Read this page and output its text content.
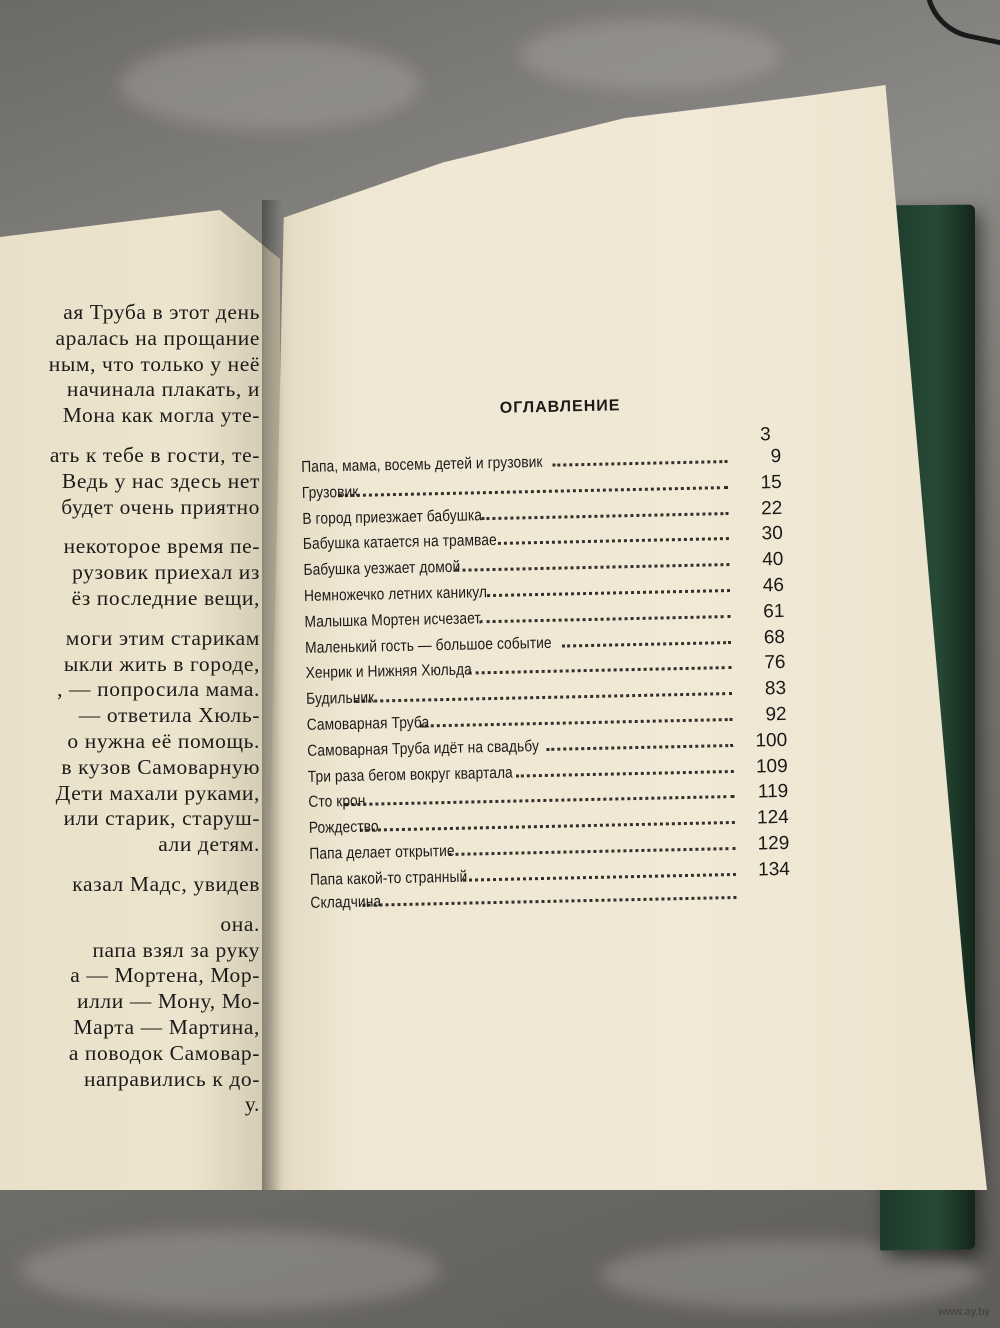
ая Труба в этот день

аралась на прощание

ным, что только у неё

начинала плакать, и

Мона как могла уте-

ать к тебе в гости, те-

Ведь у нас здесь нет

будет очень приятно

некоторое время пе-

рузовик приехал из

ёз последние вещи,

моги этим старикам

ыкли жить в городе,

, — попросила мама.

— ответила Хюль-

о нужна её помощь.

в кузов Самоварную

Дети махали руками,

или старик, старуш-

али детям.

казал Мадс, увидев

она.

папа взял за руку

а — Мортена, Мор-

илли — Мону, Мо-

Марта — Мартина,

а поводок Самовар-

направились к до-

у.

ОГЛАВЛЕНИЕ
3
Папа, мама, восемь детей и грузовик	9
Грузовик	15
В город приезжает бабушка	22
Бабушка катается на трамвае	30
Бабушка уезжает домой	40
Немножечко летних каникул	46
Малышка Мортен исчезает	61
Маленький гость — большое событие	68
Хенрик и Нижняя Хюльда	76
Будильник	83
Самоварная Труба	92
Самоварная Труба идёт на свадьбу	100
Три раза бегом вокруг квартала	109
Сто крон	119
Рождество	124
Папа делает открытие	129
Папа какой-то странный	134
Складчина
www.ay.by
